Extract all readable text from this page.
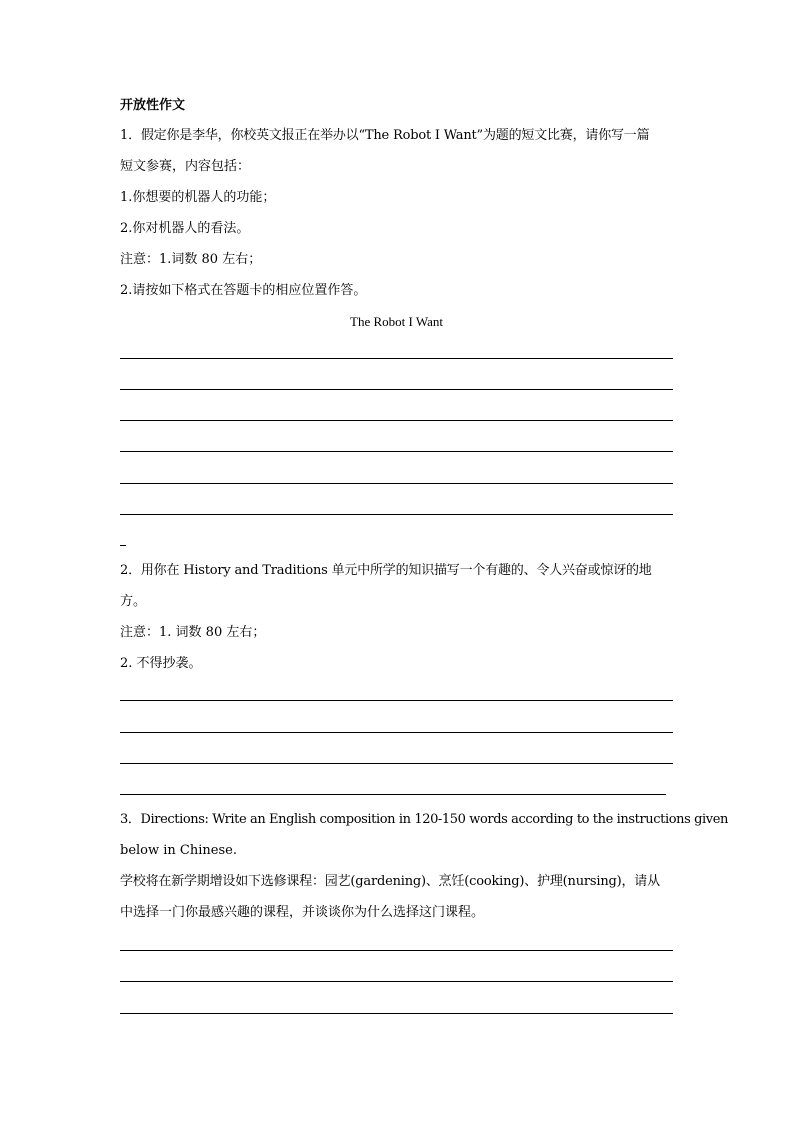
开放性作文
1．假定你是李华，你校英文报正在举办以“The Robot I Want”为题的短文比赛，请你写一篇
短文参赛，内容包括：
1.你想要的机器人的功能；
2.你对机器人的看法。
注意：1.词数 80 左右；
2.请按如下格式在答题卡的相应位置作答。
The Robot I Want
2．用你在 History and Traditions 单元中所学的知识描写一个有趣的、令人兴奋或惊讶的地
方。
注意：1. 词数 80 左右；
2. 不得抄袭。
3．Directions: Write an English composition in 120-150 words according to the instructions given
below in Chinese.
学校将在新学期增设如下选修课程：园艺(gardening)、烹饪(cooking)、护理(nursing)，请从
中选择一门你最感兴趣的课程，并谈谈你为什么选择这门课程。
